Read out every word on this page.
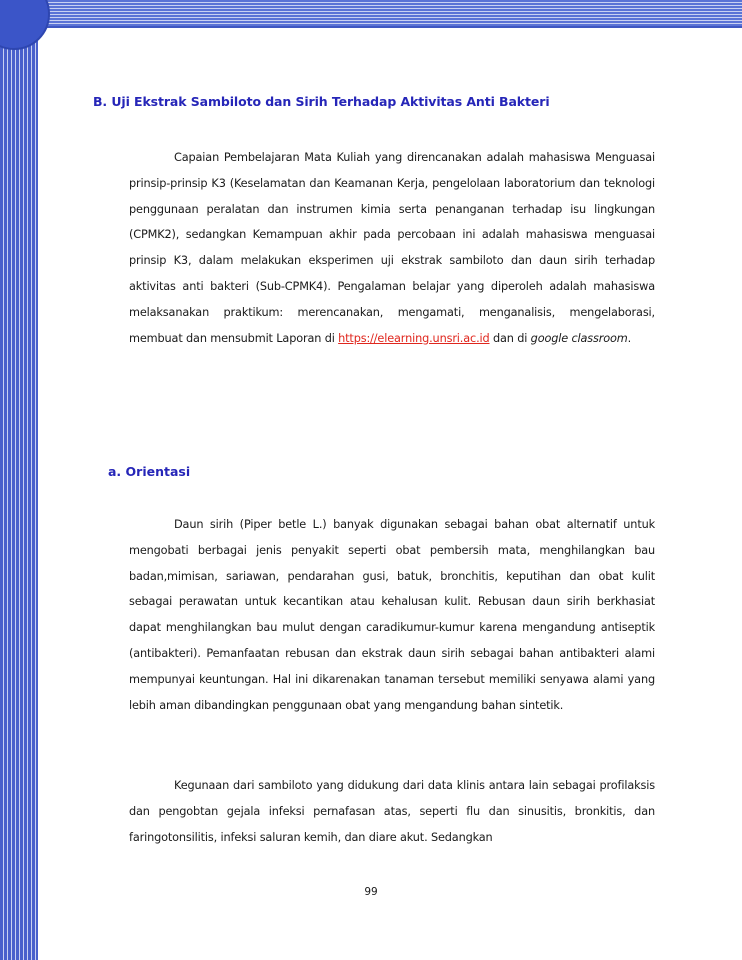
B. Uji Ekstrak Sambiloto dan Sirih Terhadap Aktivitas Anti Bakteri

Capaian Pembelajaran Mata Kuliah yang direncanakan adalah mahasiswa Menguasai prinsip-prinsip K3 (Keselamatan dan Keamanan Kerja, pengelolaan laboratorium dan teknologi penggunaan peralatan dan instrumen kimia serta penanganan terhadap isu lingkungan (CPMK2), sedangkan Kemampuan akhir pada percobaan ini adalah mahasiswa menguasai prinsip K3, dalam melakukan eksperimen uji ekstrak sambiloto dan daun sirih terhadap aktivitas anti bakteri (Sub-CPMK4). Pengalaman belajar yang diperoleh adalah mahasiswa melaksanakan praktikum: merencanakan, mengamati, menganalisis, mengelaborasi, membuat dan mensubmit Laporan di https://elearning.unsri.ac.id dan di google classroom.

a. Orientasi

Daun sirih (Piper betle L.) banyak digunakan sebagai bahan obat alternatif untuk mengobati berbagai jenis penyakit seperti obat pembersih mata, menghilangkan bau badan,mimisan, sariawan, pendarahan gusi, batuk, bronchitis, keputihan dan obat kulit sebagai perawatan untuk kecantikan atau kehalusan kulit. Rebusan daun sirih berkhasiat dapat menghilangkan bau mulut dengan caradikumur-kumur karena mengandung antiseptik (antibakteri). Pemanfaatan rebusan dan ekstrak daun sirih sebagai bahan antibakteri alami mempunyai keuntungan. Hal ini dikarenakan tanaman tersebut memiliki senyawa alami yang lebih aman dibandingkan penggunaan obat yang mengandung bahan sintetik.

Kegunaan dari sambiloto yang didukung dari data klinis antara lain sebagai profilaksis dan pengobtan gejala infeksi pernafasan atas, seperti flu dan sinusitis, bronkitis, dan faringotonsilitis, infeksi saluran kemih, dan diare akut. Sedangkan

99
